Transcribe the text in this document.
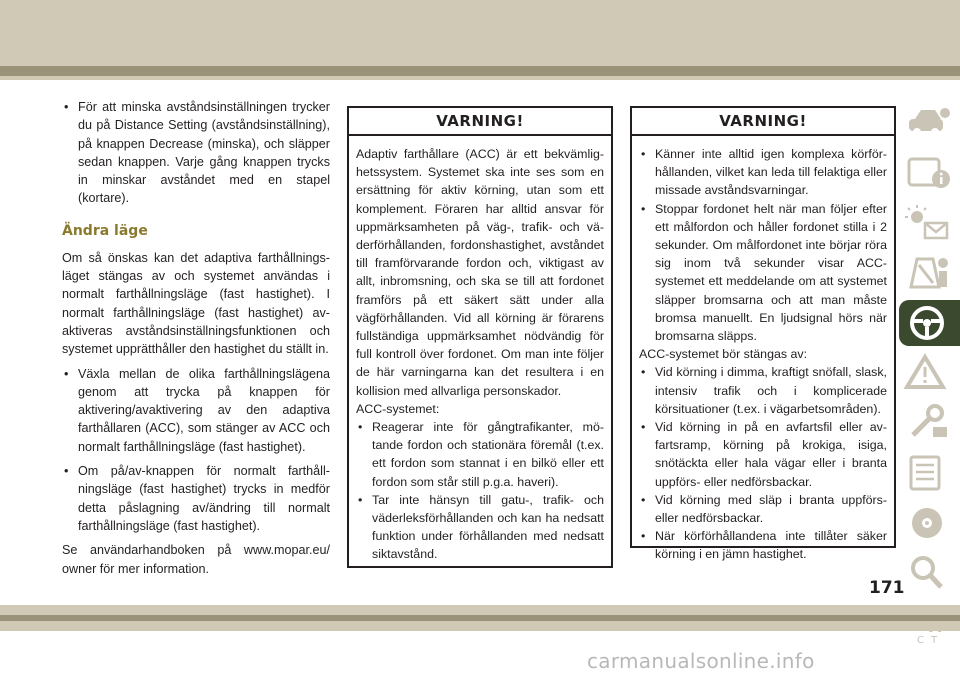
• För att minska avståndsinställningen trycker du på Distance Setting (avståndsinställning), på knappen Decrease (minska), och släpper sedan knappen. Varje gång knappen trycks in minskar avståndet med en stapel (kortare).
Ändra läge

Om så önskas kan det adaptiva farthållningsläget stängas av och systemet användas i normalt farthållningsläge (fast hastighet). I normalt farthållningsläge (fast hastighet) avaktiveras avståndsinställningsfunktionen och systemet upprätthåller den hastighet du ställt in.

• Växla mellan de olika farthållningslägena genom att trycka på knappen för aktivering/avaktivering av den adaptiva farthållaren (ACC), som stänger av ACC och normalt farthållningsläge (fast hastighet).
• Om på/av-knappen för normalt farthållningsläge (fast hastighet) trycks in medför detta påslagning av/ändring till normalt farthållningsläge (fast hastighet).

Se användarhandboken på www.mopar.eu/ owner för mer information.

VARNING!

Adaptiv farthållare (ACC) är ett bekvämlighetssystem. Systemet ska inte ses som en ersättning för aktiv körning, utan som ett komplement. Föraren har alltid ansvar för uppmärksamheten på väg-, trafik- och väderförhållanden, fordonshastighet, avståndet till framförvarande fordon och, viktigast av allt, inbromsning, och ska se till att fordonet framförs på ett säkert sätt under alla vägförhållanden. Vid all körning är förarens fullständiga uppmärksamhet nödvändig för full kontroll över fordonet. Om man inte följer de här varningarna kan det resultera i en kollision med allvarliga personskador.

ACC-systemet:

• Reagerar inte för gångtrafikanter, mötande fordon och stationära föremål (t.ex. ett fordon som stannat i en bilkö eller ett fordon som står still p.g.a. haveri).
• Tar inte hänsyn till gatu-, trafik- och väderleksförhållanden och kan ha nedsatt funktion under förhållanden med nedsatt siktavstånd.
VARNING!
• Känner inte alltid igen komplexa körförhållanden, vilket kan leda till felaktiga eller missade avståndsvarningar.
• Stoppar fordonet helt när man följer efter ett målfordon och håller fordonet stilla i 2 sekunder. Om målfordonet inte börjar röra sig inom två sekunder visar ACC-systemet ett meddelande om att systemet släpper bromsarna och att man måste bromsa manuellt. En ljudsignal hörs när bromsarna släpps.

ACC-systemet bör stängas av:

• Vid körning i dimma, kraftigt snöfall, slask, intensiv trafik och i komplicerade körsituationer (t.ex. i vägarbetsområden).
• Vid körning in på en avfartsfil eller avfartsramp, körning på krokiga, isiga, snötäckta eller hala vägar eller i branta uppförs- eller nedförsbackar.
• Vid körning med släp i branta uppförs- eller nedförsbackar.
• När körförhållandena inte tillåter säker körning i en jämn hastighet.
C T
171
carmanualsonline.info
